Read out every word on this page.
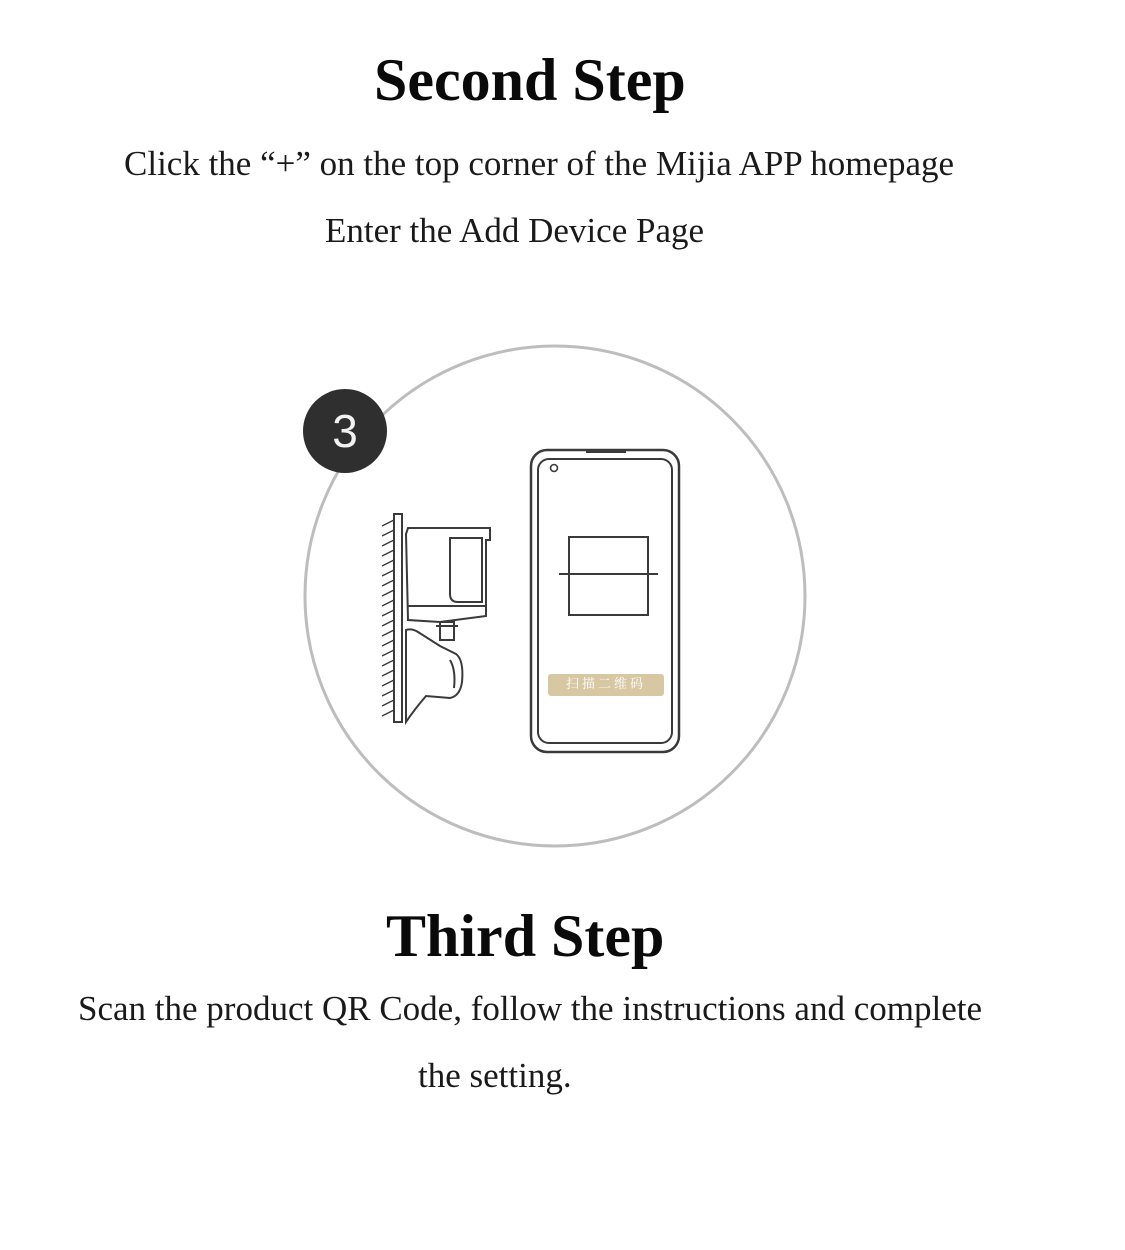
Second Step
Click the “+” on the top corner of the Mijia APP homepage
Enter the Add Device Page
3
扫描二维码
Third Step
Scan the product QR Code, follow the instructions and complete
the setting.
